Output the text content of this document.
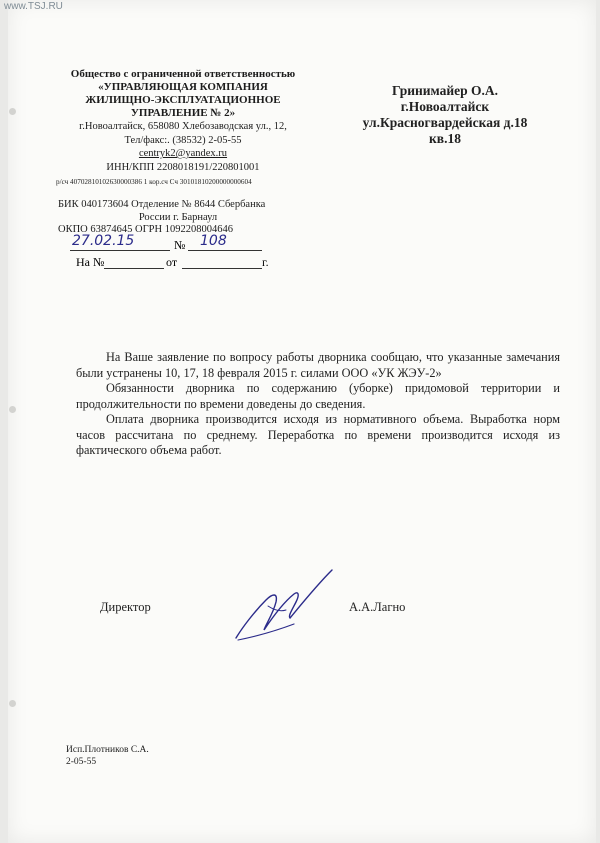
www.TSJ.RU
Общество с ограниченной ответственностью
«УПРАВЛЯЮЩАЯ КОМПАНИЯ
ЖИЛИЩНО-ЭКСПЛУАТАЦИОННОЕ
УПРАВЛЕНИЕ № 2»
г.Новоалтайск, 658080 Хлебозаводская ул., 12,
Тел/факс:. (38532) 2-05-55
centryk2@yandex.ru
ИНН/КПП 2208018191/220801001
р/сч 40702810102630000386 1 кор.сч Сч 30101810200000000604
БИК 040173604 Отделение № 8644 Сбербанка
России г. Барнаул
ОКПО 63874645 ОГРН 1092208004646
27.02.15	№ 108
На №	от	г.
Гринимайер О.А.
г.Новоалтайск
ул.Красногвардейская д.18
кв.18

На Ваше заявление по вопросу работы дворника сообщаю, что указанные замечания были устранены 10, 17, 18 февраля 2015 г. силами ООО «УК ЖЭУ-2»

Обязанности дворника по содержанию (уборке) придомовой территории и продолжительности по времени доведены до сведения.

Оплата дворника производится исходя из нормативного объема. Выработка норм часов рассчитана по среднему. Переработка по времени производится исходя из фактического объема работ.

Директор	А.А.Лагно
Исп.Плотников С.А.
2-05-55
